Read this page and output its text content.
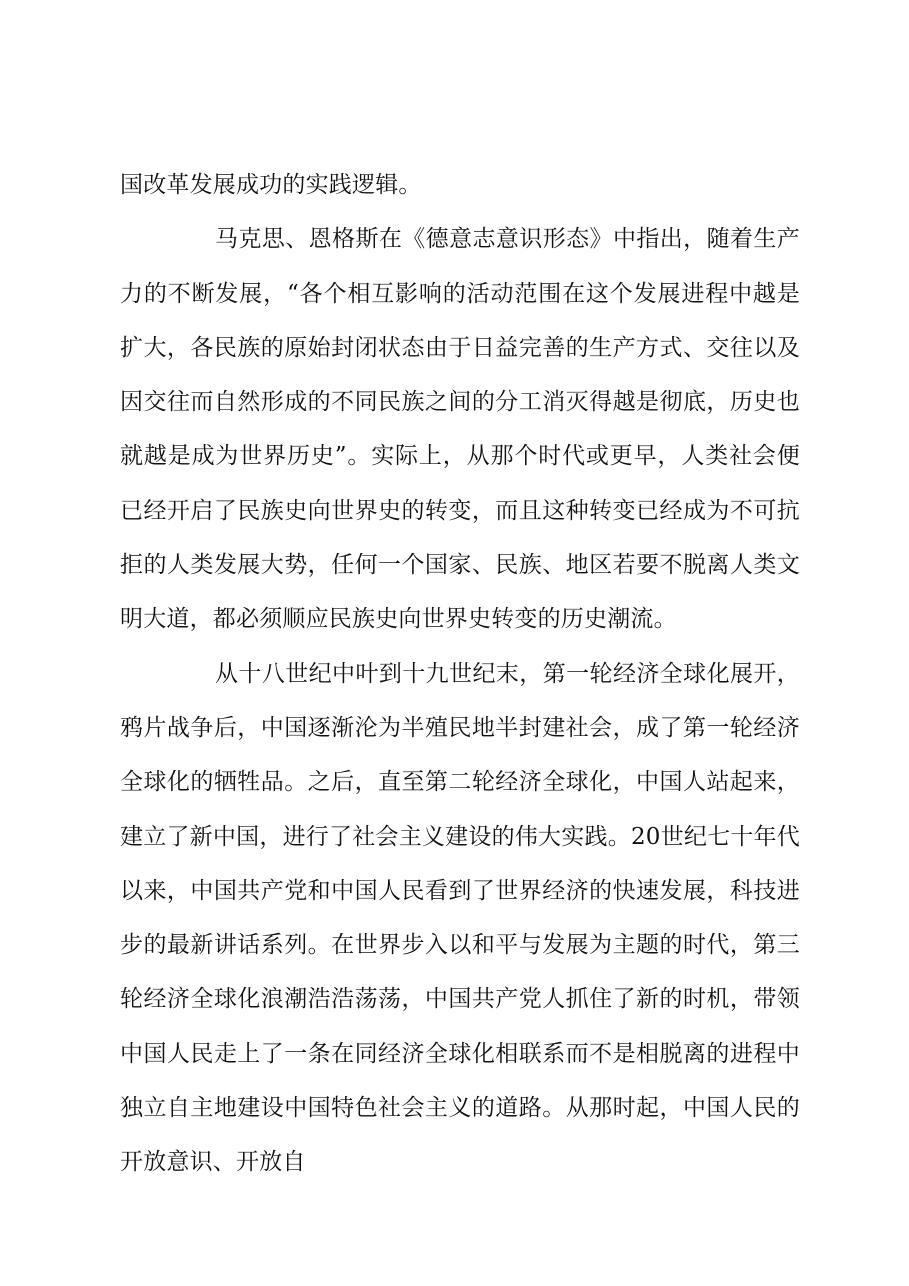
国改革发展成功的实践逻辑。

马克思、恩格斯在《德意志意识形态》中指出，随着生产力的不断发展，“各个相互影响的活动范围在这个发展进程中越是扩大，各民族的原始封闭状态由于日益完善的生产方式、交往以及因交往而自然形成的不同民族之间的分工消灭得越是彻底，历史也就越是成为世界历史”。实际上，从那个时代或更早，人类社会便已经开启了民族史向世界史的转变，而且这种转变已经成为不可抗拒的人类发展大势，任何一个国家、民族、地区若要不脱离人类文明大道，都必须顺应民族史向世界史转变的历史潮流。

从十八世纪中叶到十九世纪末，第一轮经济全球化展开，鸦片战争后，中国逐渐沦为半殖民地半封建社会，成了第一轮经济全球化的牺牲品。之后，直至第二轮经济全球化，中国人站起来，建立了新中国，进行了社会主义建设的伟大实践。20世纪七十年代以来，中国共产党和中国人民看到了世界经济的快速发展，科技进步的最新讲话系列。在世界步入以和平与发展为主题的时代，第三轮经济全球化浪潮浩浩荡荡，中国共产党人抓住了新的时机，带领中国人民走上了一条在同经济全球化相联系而不是相脱离的进程中独立自主地建设中国特色社会主义的道路。从那时起，中国人民的开放意识、开放自
